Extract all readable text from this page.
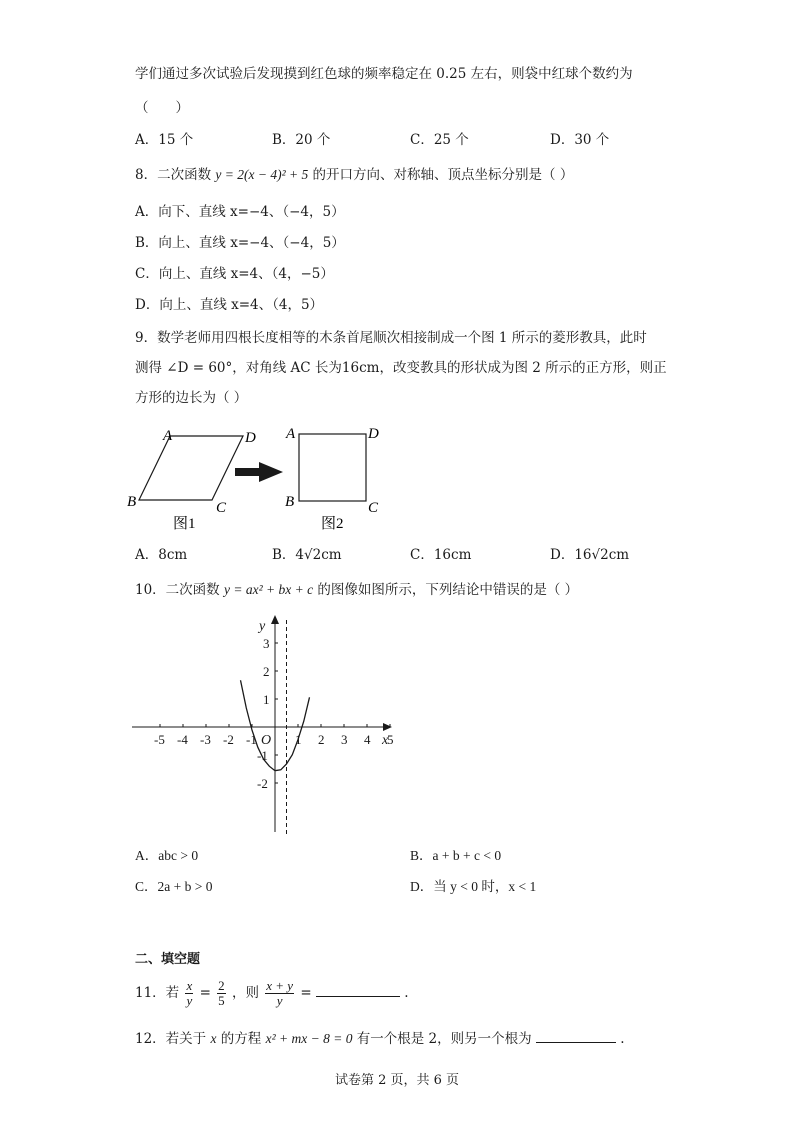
学们通过多次试验后发现摸到红色球的频率稳定在 0.25 左右，则袋中红球个数约为
（　　）
A．15 个	B．20 个	C．25 个	D．30 个
8．二次函数 y = 2(x − 4)² + 5 的开口方向、对称轴、顶点坐标分别是（ ）
A．向下、直线 x=−4、（−4，5）
B．向上、直线 x=−4、（−4，5）
C．向上、直线 x=4、（4，−5）
D．向上、直线 x=4、（4，5）
9．数学老师用四根长度相等的木条首尾顺次相接制成一个图 1 所示的菱形教具，此时
测得 ∠D = 60°，对角线 AC 长为16cm，改变教具的形状成为图 2 所示的正方形，则正
方形的边长为（ ）
A	D
B	C
图1
A	D
B	C
图2
A．8cm	B．4√2cm	C．16cm	D．16√2cm
10．二次函数 y = ax² + bx + c 的图像如图所示，下列结论中错误的是（ ）
-5 -4 -3 -2 -1	1 2 3 4 5
3
2
1
-1
-2
O	x
y
A．abc > 0	B．a + b + c < 0
C．2a + b > 0	D．当 y < 0 时，x < 1
二、填空题
11．若 $\frac{x}{y} = \frac{2}{5}$ ，则 $\frac{x + y}{y}$ =	.
12．若关于 x 的方程 x² + mx − 8 = 0 有一个根是 2，则另一个根为	.
试卷第 2 页，共 6 页
